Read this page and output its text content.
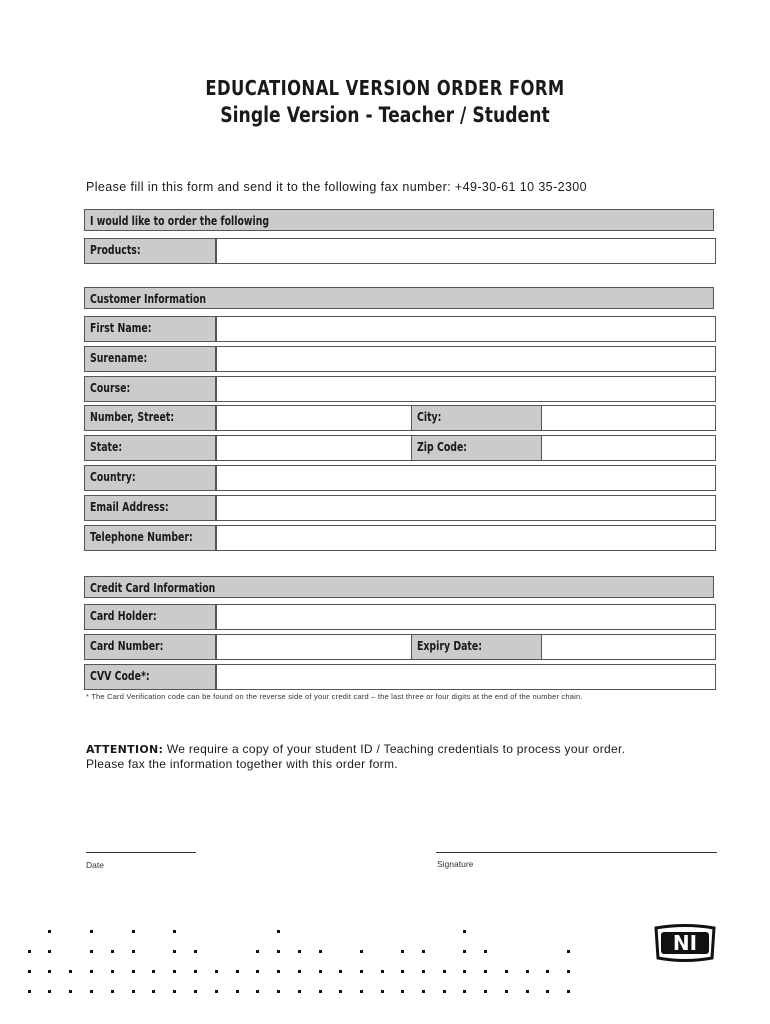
EDUCATIONAL VERSION ORDER FORM
Single Version - Teacher / Student
Please fill in this form and send it to the following fax number: +49-30-61 10 35-2300
I would like to order the following
Products:
Customer Information
First Name:
Surename:
Course:
Number, Street:	City:
State:	Zip Code:
Country:
Email Address:
Telephone Number:
Credit Card Information
Card Holder:
Card Number:	Expiry Date:
CVV Code*:
* The Card Verification code can be found on the reverse side of your credit card – the last three or four digits at the end of the number chain.
ATTENTION: We require a copy of your student ID / Teaching credentials to process your order.
Please fax the information together with this order form.
Date	Signature
NI
